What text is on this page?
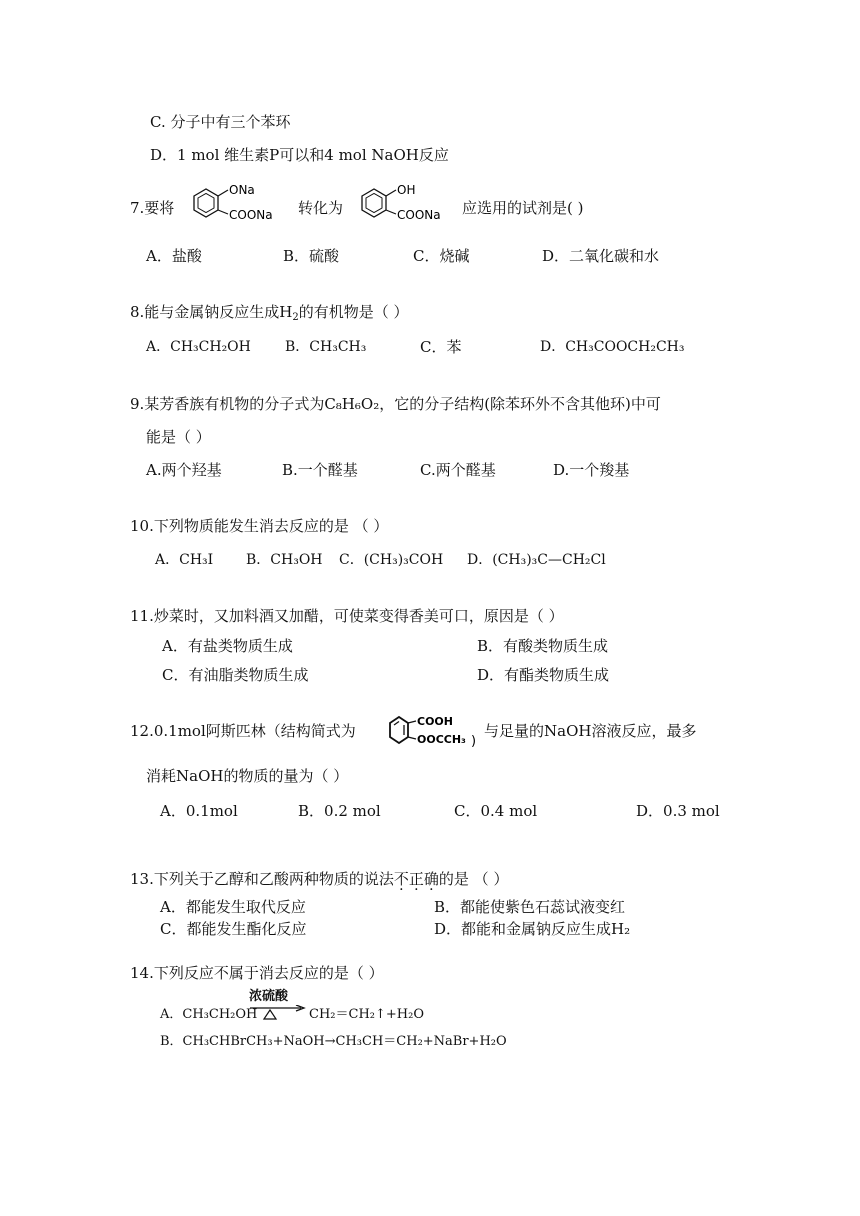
C. 分子中有三个苯环
D．1 mol 维生素P可以和4 mol NaOH反应
7.要将
ONa
COONa 转化为
OH
COONa 应选用的试剂是( )
A．盐酸	B．硫酸	C．烧碱	D．二氧化碳和水
8.能与金属钠反应生成$H_2$的有机物是（ ）
A．CH₃CH₂OH B．CH₃CH₃	C．苯	D．CH₃COOCH₂CH₃
9.某芳香族有机物的分子式为C₈H₆O₂，它的分子结构(除苯环外不含其他环)中可
能是（ ）
A.两个羟基	B.一个醛基	C.两个醛基	D.一个羧基
10.下列物质能发生消去反应的是 （ ）
A．CH₃I B．CH₃OH C．(CH₃)₃COH D．(CH₃)₃C—CH₂Cl
11.炒菜时，又加料酒又加醋，可使菜变得香美可口，原因是（ ）
A．有盐类物质生成	B．有酸类物质生成
C．有油脂类物质生成	D．有酯类物质生成
12.0.1mol阿斯匹林（结构简式为
COOH
OOCCH₃ )
与足量的NaOH溶液反应，最多
消耗NaOH的物质的量为（ ）
A．0.1mol	B．0.2 mol	C．0.4 mol	D．0.3 mol
13.下列关于乙醇和乙酸两种物质的说法不正确的是 （ ）
A．都能发生取代反应	B．都能使紫色石蕊试液变红
C．都能发生酯化反应	D．都能和金属钠反应生成H₂
14.下列反应不属于消去反应的是（ ）
A．CH₃CH₂OH
浓硫酸
CH₂＝CH₂↑+H₂O
B．CH₃CHBrCH₃+NaOH→CH₃CH＝CH₂+NaBr+H₂O
